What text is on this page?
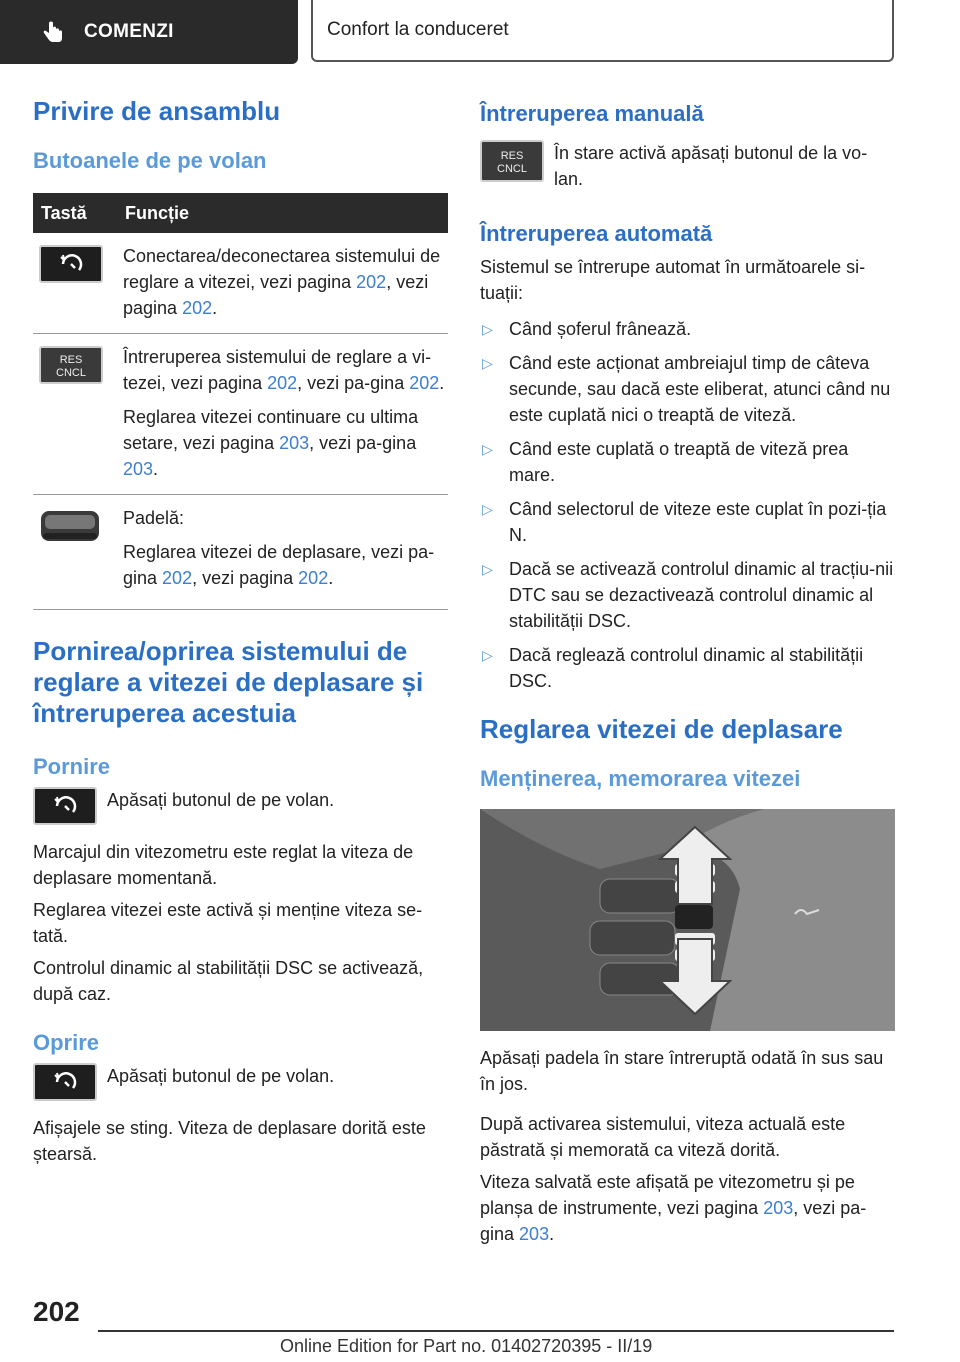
COMENZI	Confort la conduceret
Privire de ansamblu
Butoanele de pe volan
Tastă	Funcție

Conectarea/deconectarea sistemului de reglare a vitezei, vezi pagina 202, vezi pagina 202.

RES
CNCL

Întreruperea sistemului de reglare a vi-tezei, vezi pagina 202, vezi pa-gina 202.

Reglarea vitezei continuare cu ultima setare, vezi pagina 203, vezi pa-gina 203.

Padelă:

Reglarea vitezei de deplasare, vezi pa-gina 202, vezi pagina 202.

Pornirea/oprirea sistemului de reglare a vitezei de deplasare și întreruperea acestuia
Pornire

Apăsați butonul de pe volan.

Marcajul din vitezometru este reglat la viteza de deplasare momentană.

Reglarea vitezei este activă și menține viteza se-tată.

Controlul dinamic al stabilității DSC se activează, după caz.

Oprire

Apăsați butonul de pe volan.

Afișajele se sting. Viteza de deplasare dorită este ștearsă.

Întreruperea manuală
RES
CNCL

În stare activă apăsați butonul de la vo-lan.

Întreruperea automată

Sistemul se întrerupe automat în următoarele si-tuații:

▷ Când șoferul frânează.
▷ Când este acționat ambreiajul timp de câteva secunde, sau dacă este eliberat, atunci când nu este cuplată nici o treaptă de viteză.
▷ Când este cuplată o treaptă de viteză prea mare.
▷ Când selectorul de viteze este cuplat în pozi-ția N.
▷ Dacă se activează controlul dinamic al tracțiu-nii DTC sau se dezactivează controlul dinamic al stabilității DSC.
▷ Dacă reglează controlul dinamic al stabilității DSC.
Reglarea vitezei de deplasare
Menținerea, memorarea vitezei

Apăsați padela în stare întreruptă odată în sus sau în jos.

După activarea sistemului, viteza actuală este păstrată și memorată ca viteză dorită.

Viteza salvată este afișată pe vitezometru și pe planșa de instrumente, vezi pagina 203, vezi pa-gina 203.

202
Online Edition for Part no. 01402720395 - II/19
